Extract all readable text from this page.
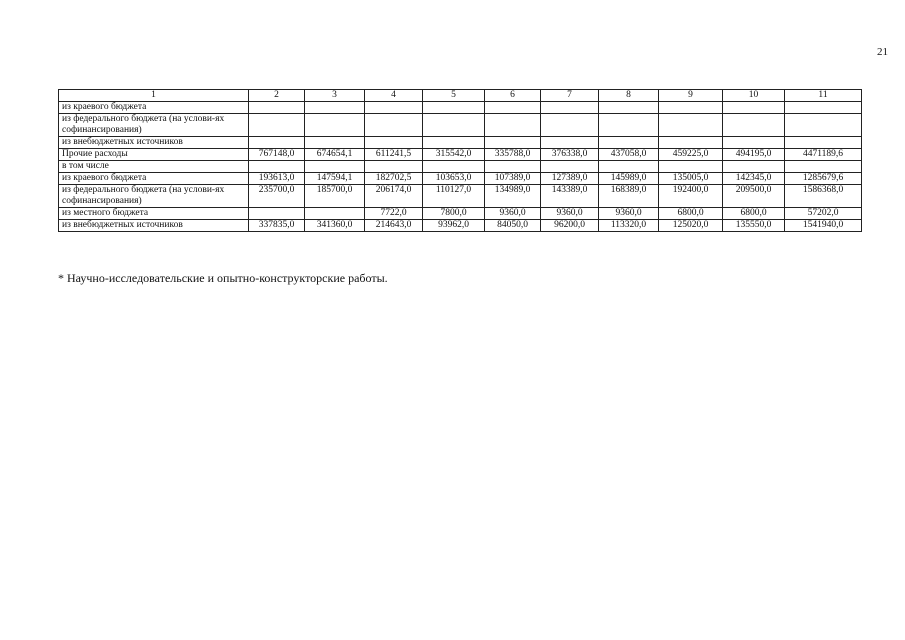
21
1	2	3	4	5	6	7	8	9	10	11
из краевого бюджета										
из федерального бюджета (на услови-ях софинансирования)										
из внебюджетных источников										
Прочие расходы	767148,0	674654,1	611241,5	315542,0	335788,0	376338,0	437058,0	459225,0	494195,0	4471189,6
в том числе										
из краевого бюджета	193613,0	147594,1	182702,5	103653,0	107389,0	127389,0	145989,0	135005,0	142345,0	1285679,6
из федерального бюджета (на услови-ях софинансирования)	235700,0	185700,0	206174,0	110127,0	134989,0	143389,0	168389,0	192400,0	209500,0	1586368,0
из местного бюджета			7722,0	7800,0	9360,0	9360,0	9360,0	6800,0	6800,0	57202,0
из внебюджетных источников	337835,0	341360,0	214643,0	93962,0	84050,0	96200,0	113320,0	125020,0	135550,0	1541940,0
* Научно-исследовательские и опытно-конструкторские работы.
